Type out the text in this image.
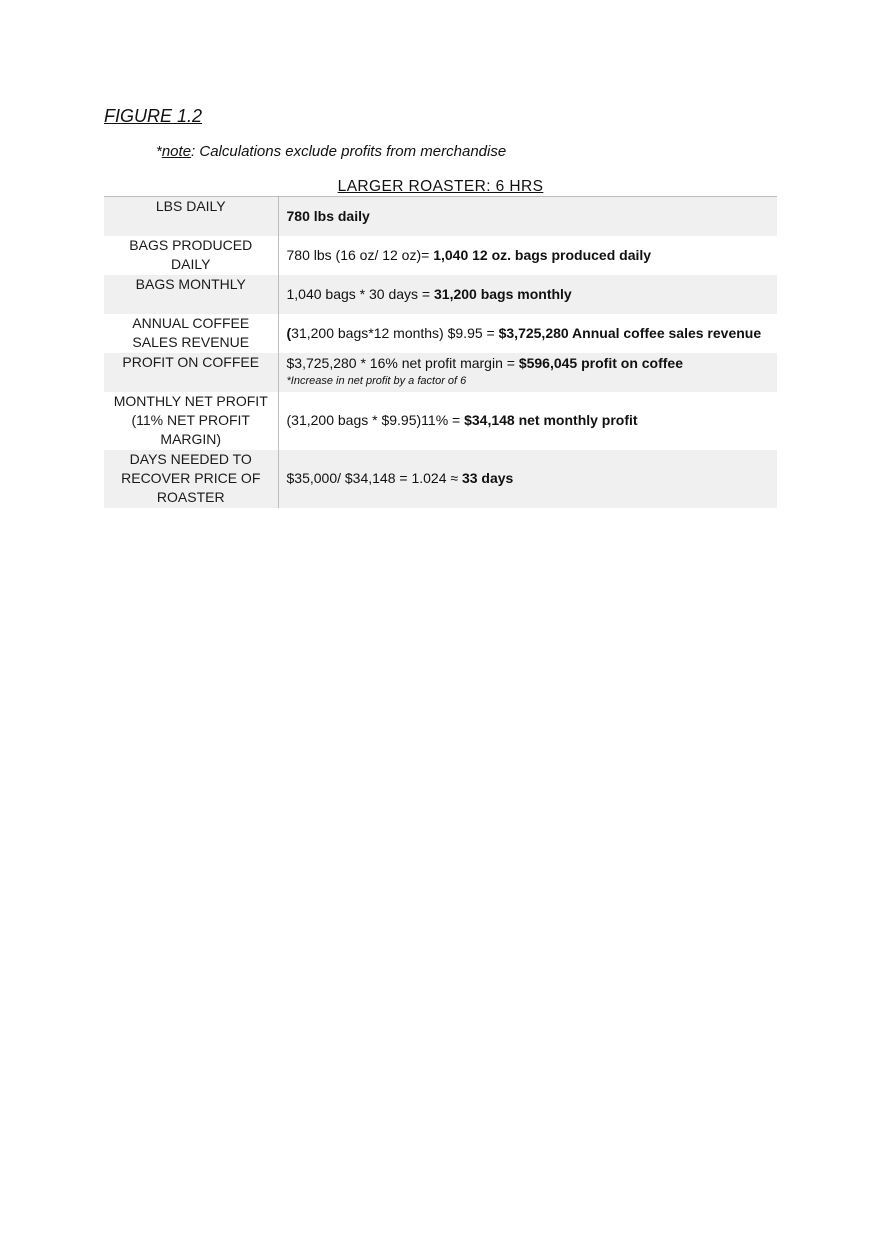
FIGURE 1.2

*note: Calculations exclude profits from merchandise

LARGER ROASTER: 6 HRS
LBS DAILY	780 lbs daily
BAGS PRODUCED DAILY	780 lbs (16 oz/ 12 oz)= 1,040 12 oz. bags produced daily
BAGS MONTHLY	1,040 bags * 30 days = 31,200 bags monthly
ANNUAL COFFEE SALES REVENUE	(31,200 bags*12 months) $9.95 = $3,725,280 Annual coffee sales revenue
PROFIT ON COFFEE	$3,725,280 * 16% net profit margin = $596,045 profit on coffee
*Increase in net profit by a factor of 6

MONTHLY NET PROFIT (11% NET PROFIT MARGIN)	(31,200 bags * $9.95)11% = $34,148 net monthly profit
DAYS NEEDED TO RECOVER PRICE OF ROASTER	$35,000/ $34,148 = 1.024 ≈ 33 days
